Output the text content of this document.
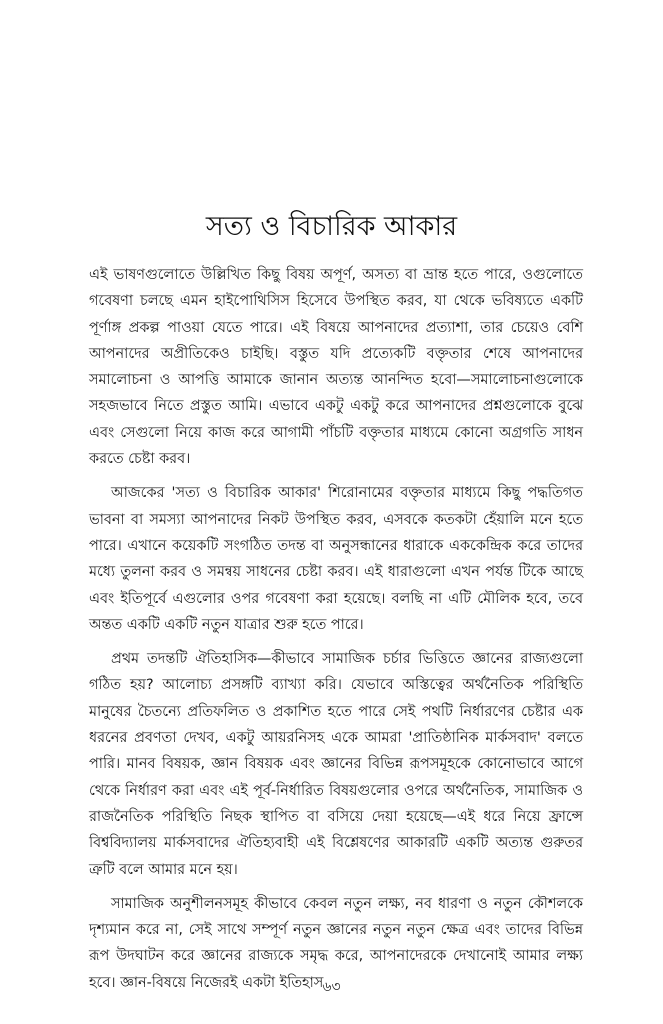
সত্য ও বিচারিক আকার

এই ভাষণগুলোতে উল্লিখিত কিছু বিষয় অপূর্ণ, অসত্য বা ভ্রান্ত হতে পারে, ওগুলোতে গবেষণা চলছে এমন হাইপোথিসিস হিসেবে উপস্থিত করব, যা থেকে ভবিষ্যতে একটি পূর্ণাঙ্গ প্রকল্প পাওয়া যেতে পারে। এই বিষয়ে আপনাদের প্রত্যাশা, তার চেয়েও বেশি আপনাদের অপ্রীতিকেও চাইছি। বস্তুত যদি প্রত্যেকটি বক্তৃতার শেষে আপনাদের সমালোচনা ও আপত্তি আমাকে জানান অত্যন্ত আনন্দিত হবো—সমালোচনাগুলোকে সহজভাবে নিতে প্রস্তুত আমি। এভাবে একটু একটু করে আপনাদের প্রশ্নগুলোকে বুঝে এবং সেগুলো নিয়ে কাজ করে আগামী পাঁচটি বক্তৃতার মাধ্যমে কোনো অগ্রগতি সাধন করতে চেষ্টা করব।

আজকের 'সত্য ও বিচারিক আকার' শিরোনামের বক্তৃতার মাধ্যমে কিছু পদ্ধতিগত ভাবনা বা সমস্যা আপনাদের নিকট উপস্থিত করব, এসবকে কতকটা হেঁয়ালি মনে হতে পারে। এখানে কয়েকটি সংগঠিত তদন্ত বা অনুসন্ধানের ধারাকে এককেন্দ্রিক করে তাদের মধ্যে তুলনা করব ও সমন্বয় সাধনের চেষ্টা করব। এই ধারাগুলো এখন পর্যন্ত টিকে আছে এবং ইতিপূর্বে এগুলোর ওপর গবেষণা করা হয়েছে। বলছি না এটি মৌলিক হবে, তবে অন্তত একটি একটি নতুন যাত্রার শুরু হতে পারে।

প্রথম তদন্তটি ঐতিহাসিক—কীভাবে সামাজিক চর্চার ভিত্তিতে জ্ঞানের রাজ্যগুলো গঠিত হয়? আলোচ্য প্রসঙ্গটি ব্যাখ্যা করি। যেভাবে অস্তিত্বের অর্থনৈতিক পরিস্থিতি মানুষের চৈতন্যে প্রতিফলিত ও প্রকাশিত হতে পারে সেই পথটি নির্ধারণের চেষ্টার এক ধরনের প্রবণতা দেখব, একটু আয়রনিসহ একে আমরা 'প্রাতিষ্ঠানিক মার্কসবাদ' বলতে পারি। মানব বিষয়ক, জ্ঞান বিষয়ক এবং জ্ঞানের বিভিন্ন রূপসমূহকে কোনোভাবে আগে থেকে নির্ধারণ করা এবং এই পূর্ব-নির্ধারিত বিষয়গুলোর ওপরে অর্থনৈতিক, সামাজিক ও রাজনৈতিক পরিস্থিতি নিছক স্থাপিত বা বসিয়ে দেয়া হয়েছে—এই ধরে নিয়ে ফ্রান্সে বিশ্ববিদ্যালয় মার্কসবাদের ঐতিহ্যবাহী এই বিশ্লেষণের আকারটি একটি অত্যন্ত গুরুতর ত্রুটি বলে আমার মনে হয়।

সামাজিক অনুশীলনসমূহ কীভাবে কেবল নতুন লক্ষ্য, নব ধারণা ও নতুন কৌশলকে দৃশ্যমান করে না, সেই সাথে সম্পূর্ণ নতুন জ্ঞানের নতুন নতুন ক্ষেত্র এবং তাদের বিভিন্ন রূপ উদঘাটন করে জ্ঞানের রাজ্যকে সমৃদ্ধ করে, আপনাদেরকে দেখানোই আমার লক্ষ্য হবে। জ্ঞান-বিষয়ে নিজেরই একটা ইতিহাস ৬৩
